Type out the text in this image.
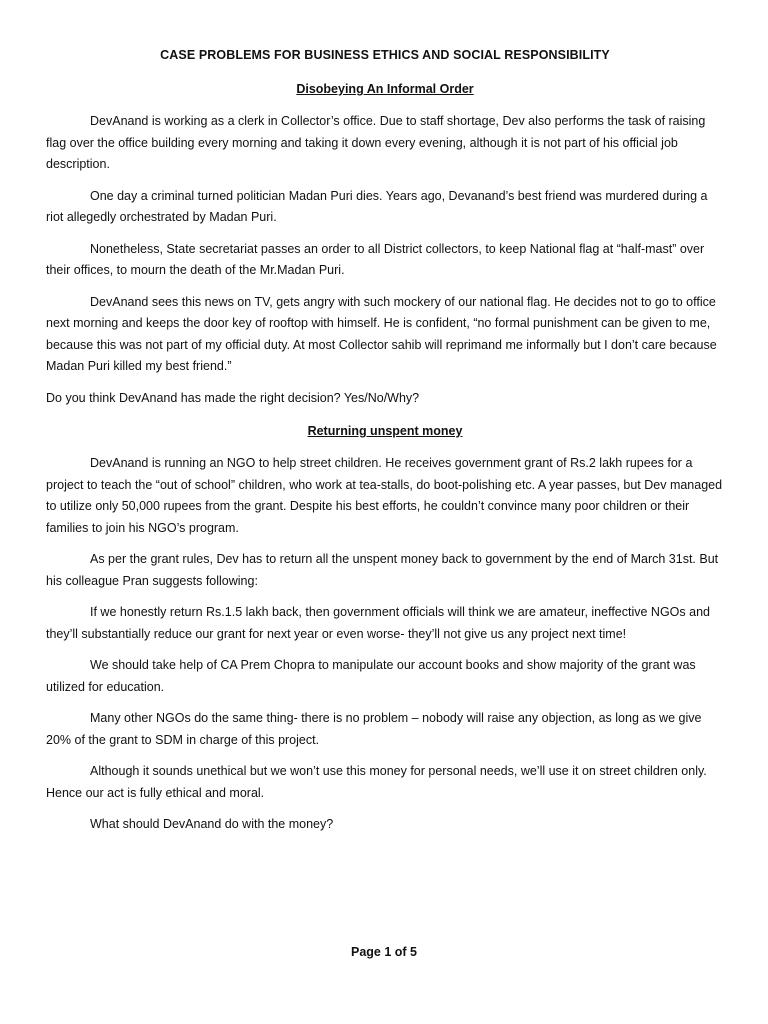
CASE PROBLEMS FOR BUSINESS ETHICS AND SOCIAL RESPONSIBILITY
Disobeying An Informal Order

DevAnand is working as a clerk in Collector’s office. Due to staff shortage, Dev also performs the task of raising flag over the office building every morning and taking it down every evening, although it is not part of his official job description.

One day a criminal turned politician Madan Puri dies. Years ago, Devanand’s best friend was murdered during a riot allegedly orchestrated by Madan Puri.

Nonetheless, State secretariat passes an order to all District collectors, to keep National flag at “half-mast” over their offices, to mourn the death of the Mr.Madan Puri.

DevAnand sees this news on TV, gets angry with such mockery of our national flag. He decides not to go to office next morning and keeps the door key of rooftop with himself. He is confident, “no formal punishment can be given to me, because this was not part of my official duty. At most Collector sahib will reprimand me informally but I don’t care because Madan Puri killed my best friend.”

Do you think DevAnand has made the right decision? Yes/No/Why?

Returning unspent money

DevAnand is running an NGO to help street children. He receives government grant of Rs.2 lakh rupees for a project to teach the “out of school” children, who work at tea-stalls, do boot-polishing etc. A year passes, but Dev managed to utilize only 50,000 rupees from the grant. Despite his best efforts, he couldn’t convince many poor children or their families to join his NGO’s program.

As per the grant rules, Dev has to return all the unspent money back to government by the end of March 31st. But his colleague Pran suggests following:

If we honestly return Rs.1.5 lakh back, then government officials will think we are amateur, ineffective NGOs and they’ll substantially reduce our grant for next year or even worse- they’ll not give us any project next time!

We should take help of CA Prem Chopra to manipulate our account books and show majority of the grant was utilized for education.

Many other NGOs do the same thing- there is no problem – nobody will raise any objection, as long as we give 20% of the grant to SDM in charge of this project.

Although it sounds unethical but we won’t use this money for personal needs, we’ll use it on street children only. Hence our act is fully ethical and moral.

What should DevAnand do with the money?

Page 1 of 5
